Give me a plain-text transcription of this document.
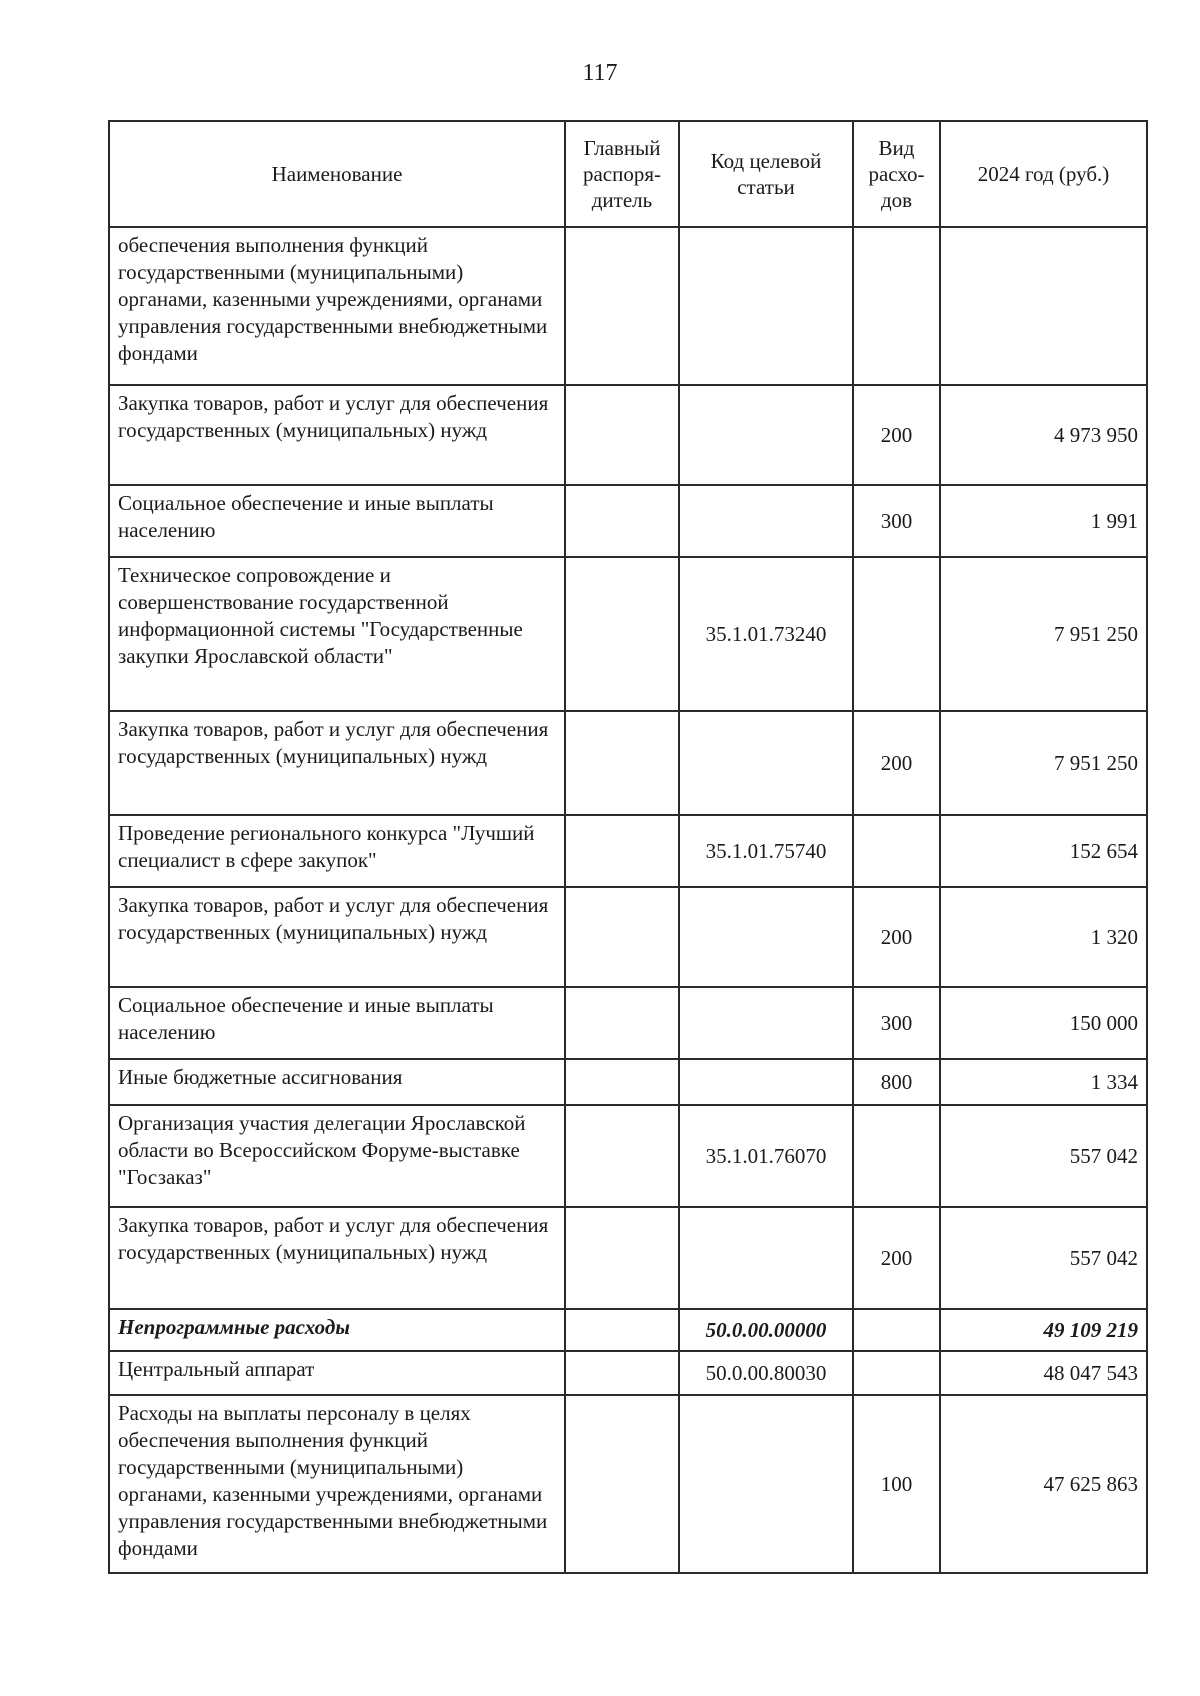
117
Наименование	Главный распоря-дитель	Код целевой статьи	Вид расхо-дов	2024 год (руб.)
обеспечения выполнения функций государственными (муниципальными) органами, казенными учреждениями, органами управления государственными внебюджетными фондами				
Закупка товаров, работ и услуг для обеспечения государственных (муниципальных) нужд			200	4 973 950
Социальное обеспечение и иные выплаты населению			300	1 991
Техническое сопровождение и совершенствование государственной информационной системы "Государственные закупки Ярославской области"		35.1.01.73240		7 951 250
Закупка товаров, работ и услуг для обеспечения государственных (муниципальных) нужд			200	7 951 250
Проведение регионального конкурса "Лучший специалист в сфере закупок"		35.1.01.75740		152 654
Закупка товаров, работ и услуг для обеспечения государственных (муниципальных) нужд			200	1 320
Социальное обеспечение и иные выплаты населению			300	150 000
Иные бюджетные ассигнования			800	1 334
Организация участия делегации Ярославской области во Всероссийском Форуме-выставке "Госзаказ"		35.1.01.76070		557 042
Закупка товаров, работ и услуг для обеспечения государственных (муниципальных) нужд			200	557 042
Непрограммные расходы		50.0.00.00000		49 109 219
Центральный аппарат		50.0.00.80030		48 047 543
Расходы на выплаты персоналу в целях обеспечения выполнения функций государственными (муниципальными) органами, казенными учреждениями, органами управления государственными внебюджетными фондами			100	47 625 863
